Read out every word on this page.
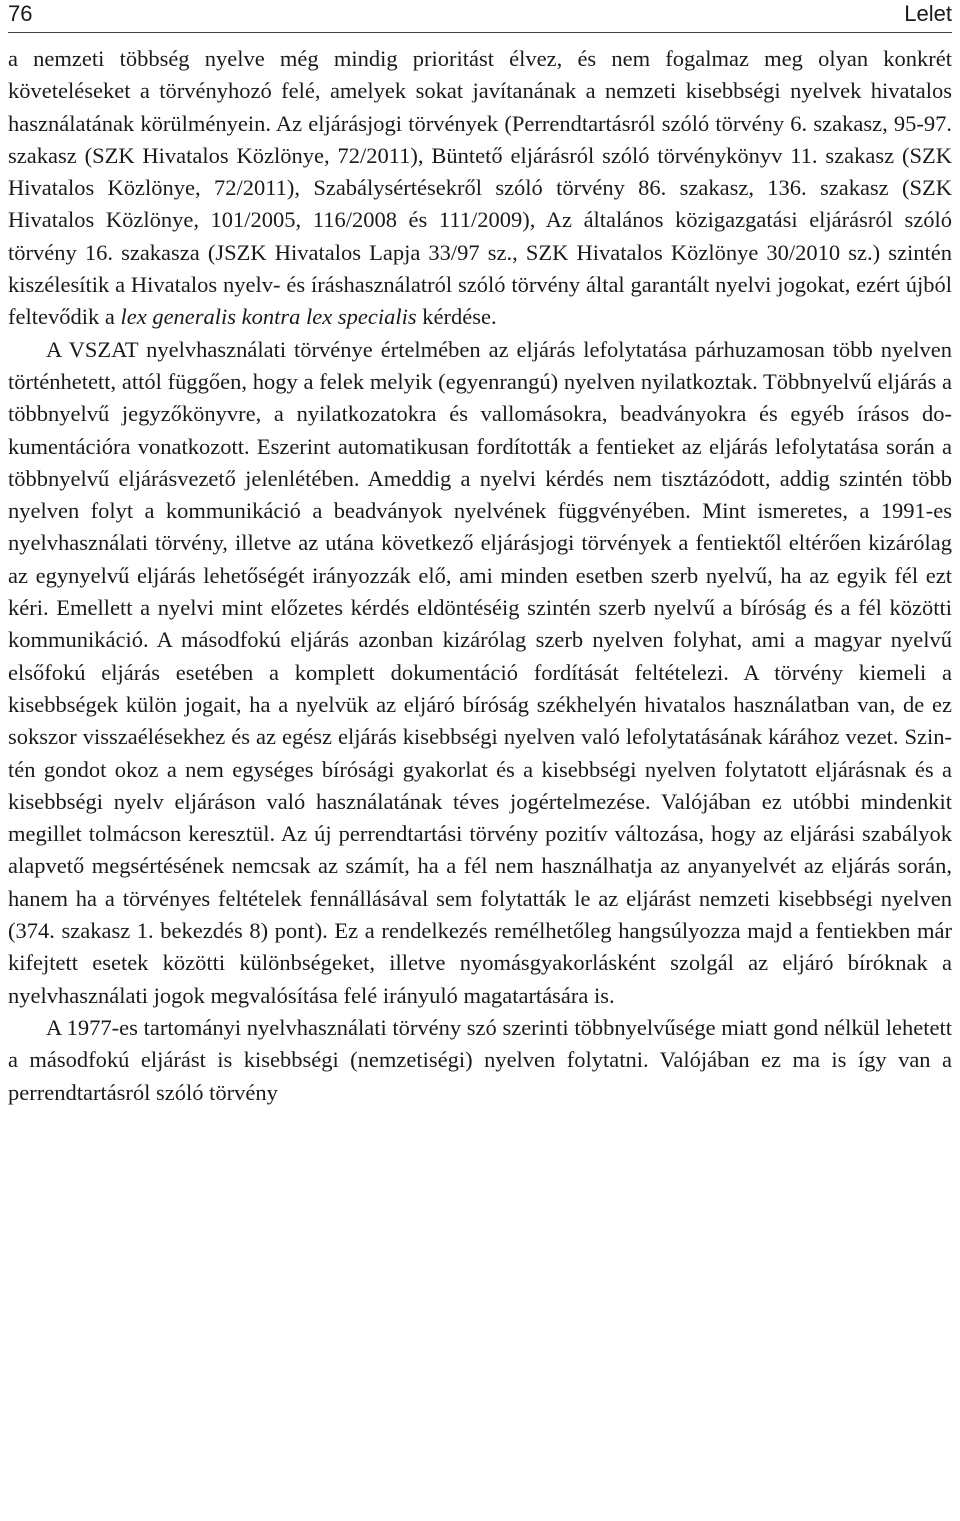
76	Lelet

a nemzeti többség nyelve még mindig prioritást élvez, és nem fogalmaz meg olyan konkrét követeléseket a törvényhozó felé, amelyek sokat javítanának a nemzeti kisebbségi nyelvek hivatalos használatának körülményein. Az eljárásjogi törvények (Perrendtartásról szóló törvény 6. szakasz, 95-97. szakasz (SZK Hivatalos Közlönye, 72/2011), Büntető eljárásról szóló törvénykönyv 11. szakasz (SZK Hivatalos Közlönye, 72/2011), Szabálysértésekről szóló törvény 86. szakasz, 136. szakasz (SZK Hivatalos Közlönye, 101/2005, 116/2008 és 111/2009), Az általános közigazgatási eljárásról szóló törvény 16. szakasza (JSZK Hivatalos Lapja 33/97 sz., SZK Hivatalos Közlönye 30/2010 sz.) szintén kiszélesítik a Hivatalos nyelv- és íráshasználatról szóló törvény által garantált nyelvi jogokat, ezért újból feltevődik a lex generalis kontra lex specialis kérdése.

A VSZAT nyelvhasználati törvénye értelmében az eljárás lefolytatása párhuzamosan több nyelven történhetett, attól függően, hogy a felek melyik (egyenrangú) nyelven nyilatkoztak. Többnyelvű eljárás a többnyelvű jegyzőkönyvre, a nyilatkozatokra és vallomásokra, beadványokra és egyéb írásos dokumentációra vonatkozott. Eszerint automatikusan fordították a fentieket az eljárás lefolytatása során a többnyelvű eljárásvezető jelenlétében. Ameddig a nyelvi kérdés nem tisztázódott, addig szintén több nyelven folyt a kommunikáció a beadványok nyelvének függvényében. Mint ismeretes, a 1991-es nyelvhasználati törvény, illetve az utána következő eljárásjogi törvények a fentiektől eltérően kizárólag az egynyelvű eljárás lehetőségét irányozzák elő, ami minden esetben szerb nyelvű, ha az egyik fél ezt kéri. Emellett a nyelvi mint előzetes kérdés eldöntéséig szintén szerb nyelvű a bíróság és a fél közötti kommunikáció. A másodfokú eljárás azonban kizárólag szerb nyelven folyhat, ami a magyar nyelvű elsőfokú eljárás esetében a komplett dokumentáció fordítását feltételezi. A törvény kiemeli a kisebbségek külön jogait, ha a nyelvük az eljáró bíróság székhelyén hivatalos használatban van, de ez sokszor visszaélésekhez és az egész eljárás kisebbségi nyelven való lefolytatásának kárához vezet. Szintén gondot okoz a nem egységes bírósági gyakorlat és a kisebbségi nyelven folytatott eljárásnak és a kisebbségi nyelv eljáráson való használatának téves jogértelmezése. Valójában ez utóbbi mindenkit megillet tolmácson keresztül. Az új perrendtartási törvény pozitív változása, hogy az eljárási szabályok alapvető megsértésének nemcsak az számít, ha a fél nem használhatja az anyanyelvét az eljárás során, hanem ha a törvényes feltételek fennállásával sem folytatták le az eljárást nemzeti kisebbségi nyelven (374. szakasz 1. bekezdés 8) pont). Ez a rendelkezés remélhetőleg hangsúlyozza majd a fentiekben már kifejtett esetek közötti különbségeket, illetve nyomásgyakorlásként szolgál az eljáró bíróknak a nyelvhasználati jogok megvalósítása felé irányuló magatartására is.

A 1977-es tartományi nyelvhasználati törvény szó szerinti többnyelvűsége miatt gond nélkül lehetett a másodfokú eljárást is kisebbségi (nemzetiségi) nyelven folytatni. Valójában ez ma is így van a perrendtartásról szóló törvény
